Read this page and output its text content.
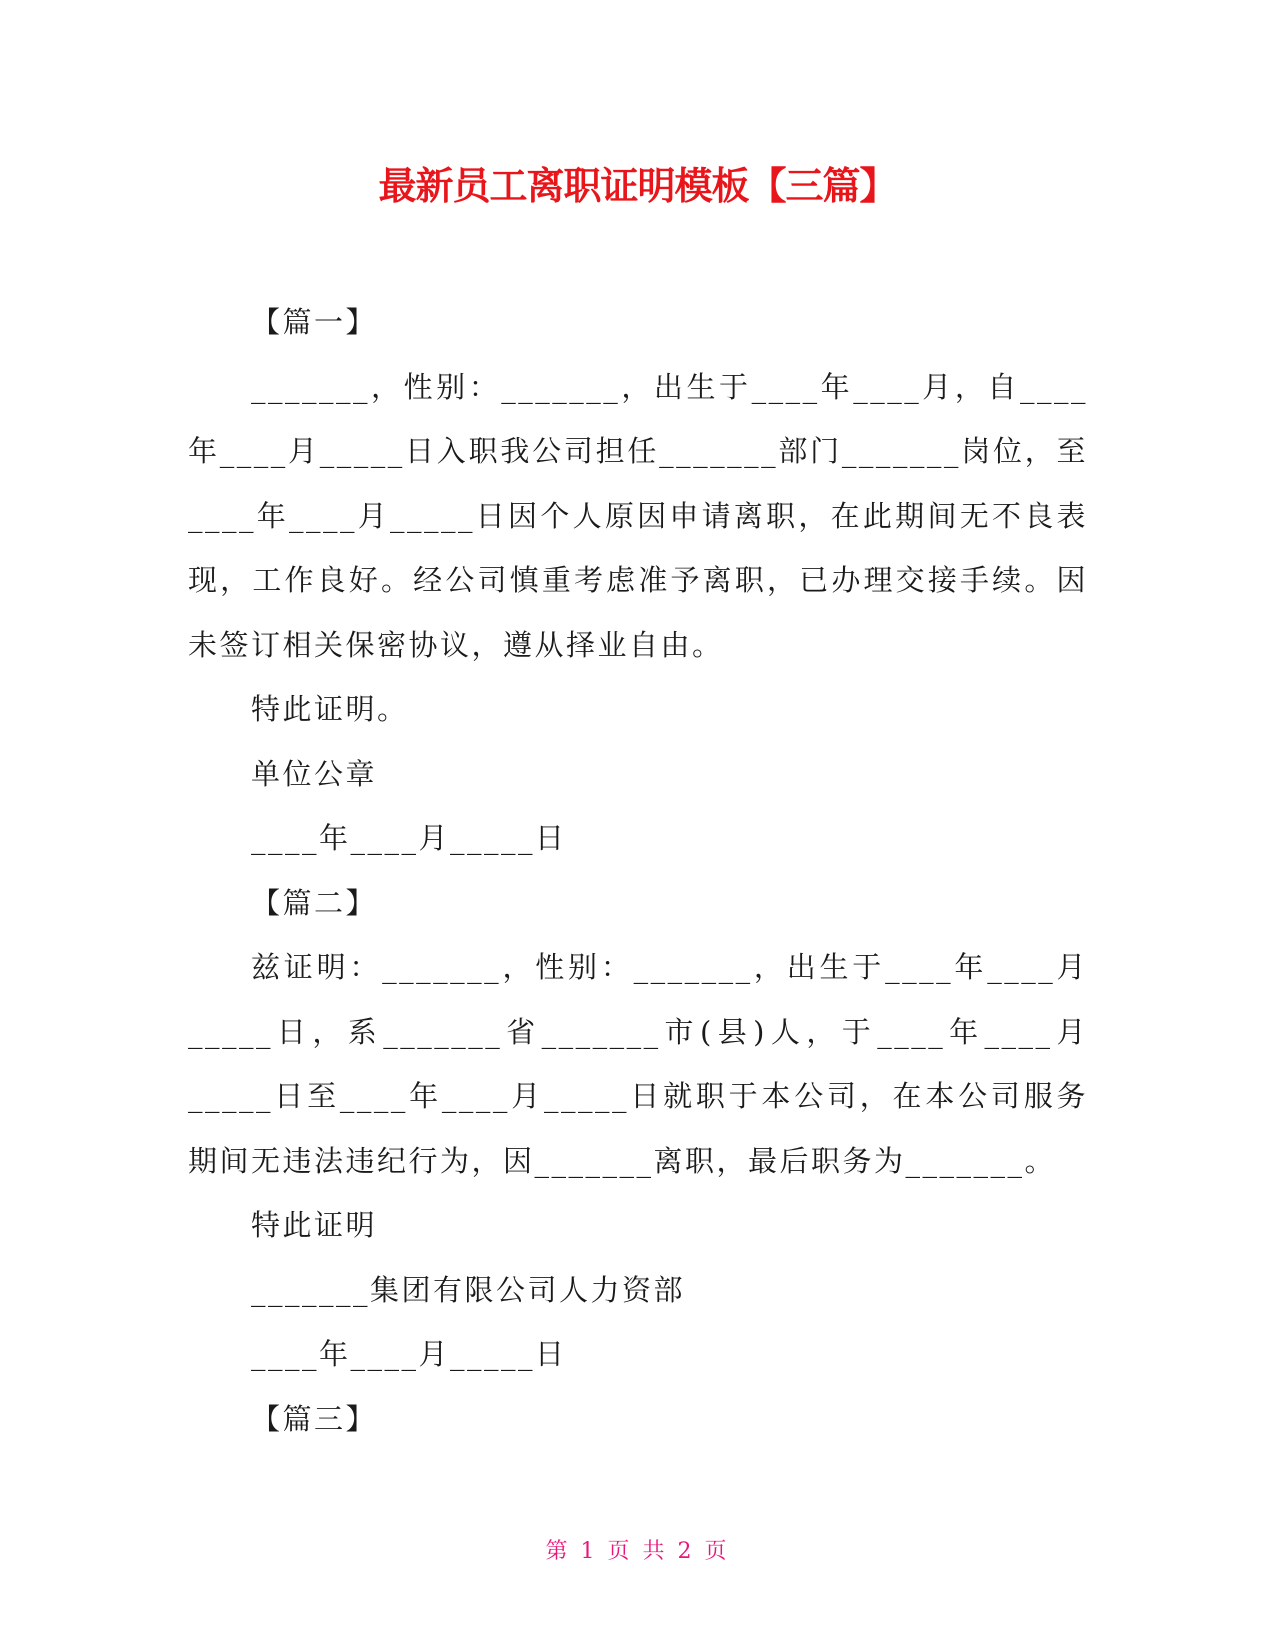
最新员工离职证明模板【三篇】

【篇一】

_______，性别：_______，出生于____年____月，自____年____月_____日入职我公司担任_______部门_______岗位，至____年____月_____日因个人原因申请离职，在此期间无不良表现，工作良好。经公司慎重考虑准予离职，已办理交接手续。因未签订相关保密协议，遵从择业自由。

特此证明。

单位公章

____年____月_____日

【篇二】

兹证明：_______，性别：_______，出生于____年____月_____日，系_______省_______市(县)人，于____年____月_____日至____年____月_____日就职于本公司，在本公司服务期间无违法违纪行为，因_______离职，最后职务为_______。

特此证明

_______集团有限公司人力资部

____年____月_____日

【篇三】

第 1 页 共 2 页
